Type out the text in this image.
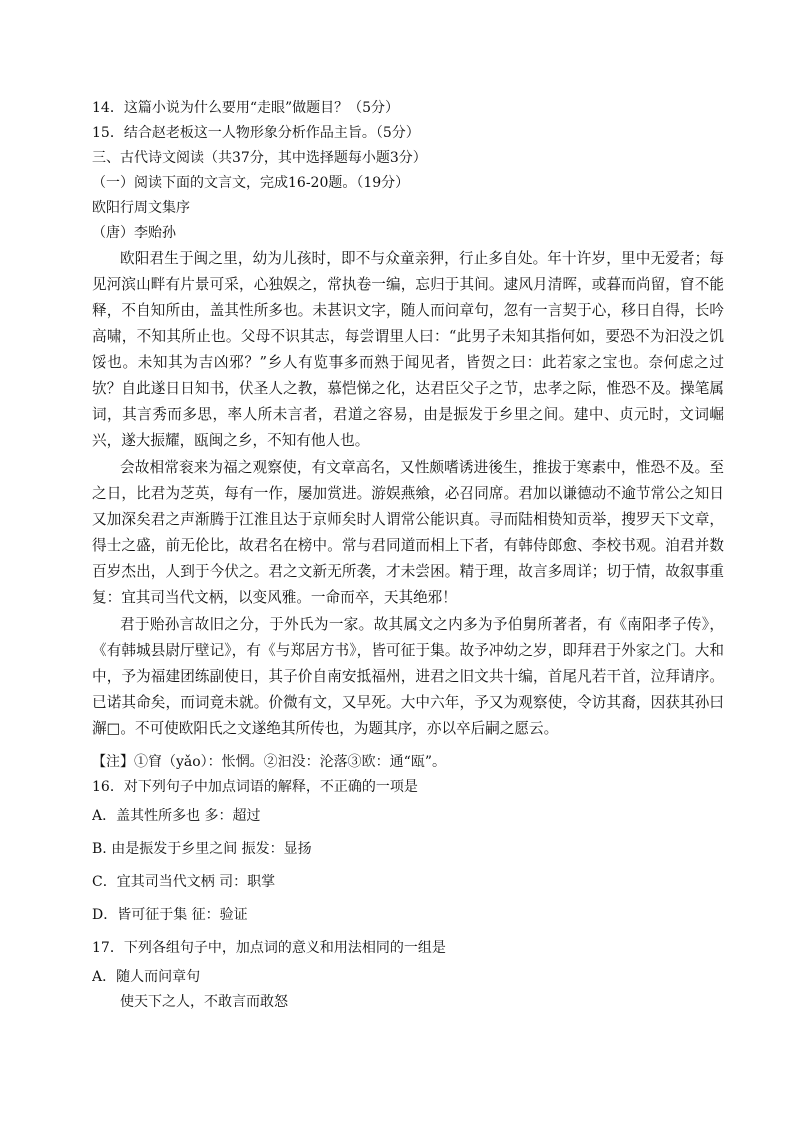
14．这篇小说为什么要用“走眼”做题目？（5分）
15．结合赵老板这一人物形象分析作品主旨。（5分）
三、古代诗文阅读（共37分，其中选择题每小题3分）
（一）阅读下面的文言文，完成16-20题。（19分）
欧阳行周文集序
（唐）李贻孙
欧阳君生于闽之里，幼为儿孩时，即不与众童亲狎，行止多自处。年十许岁，里中无爱者；每见河滨山畔有片景可采，心独娱之，常执卷一编，忘归于其间。逮风月清晖，或暮而尚留，窅不能释，不自知所由，盖其性所多也。未甚识文字，随人而问章句，忽有一言契于心，移日自得，长吟高啸，不知其所止也。父母不识其志，每尝谓里人曰：“此男子未知其指何如，要恐不为汩没之饥馁也。未知其为吉凶邪？”乡人有览事多而熟于闻见者，皆贺之曰：此若家之宝也。奈何虑之过欤？自此遂日日知书，伏圣人之教，慕恺悌之化，达君臣父子之节，忠孝之际，惟恐不及。操笔属词，其言秀而多思，率人所未言者，君道之容易，由是振发于乡里之间。建中、贞元时，文词崛兴，遂大振耀，瓯闽之乡，不知有他人也。
会故相常衮来为福之观察使，有文章高名，又性颇嗜诱进後生，推拔于寒素中，惟恐不及。至之日，比君为芝英，每有一作，屡加赏进。游娱燕飨，必召同席。君加以谦德动不逾节常公之知日又加深矣君之声渐腾于江淮且达于京师矣时人谓常公能识真。寻而陆相贽知贡举，搜罗天下文章，得士之盛，前无伦比，故君名在榜中。常与君同道而相上下者，有韩侍郎愈、李校书观。洎君并数百岁杰出，人到于今伏之。君之文新无所袭，才未尝困。精于理，故言多周详；切于情，故叙事重复：宜其司当代文柄，以变风雅。一命而卒，天其绝邪！
君于贻孙言故旧之分，于外氏为一家。故其属文之内多为予伯舅所著者，有《南阳孝子传》，《有韩城县尉厅壁记》，有《与郑居方书》，皆可征于集。故予冲幼之岁，即拜君于外家之门。大和中，予为福建团练副使日，其子价自南安抵福州，进君之旧文共十编，首尾凡若干首，泣拜请序。已诺其命矣，而词竟未就。价微有文，又早死。大中六年，予又为观察使，令访其裔，因获其孙曰澥□。不可使欧阳氏之文遂绝其所传也，为题其序，亦以卒后嗣之愿云。
【注】①窅（yǎo）：怅惘。②汩没：沦落③欧：通“瓯”。
16．对下列句子中加点词语的解释，不正确的一项是
A．盖其性所多也 多：超过
B. 由是振发于乡里之间 振发：显扬
C．宜其司当代文柄 司：职掌
D．皆可征于集 征：验证
17．下列各组句子中，加点词的意义和用法相同的一组是
A．随人而问章句
使天下之人，不敢言而敢怒
